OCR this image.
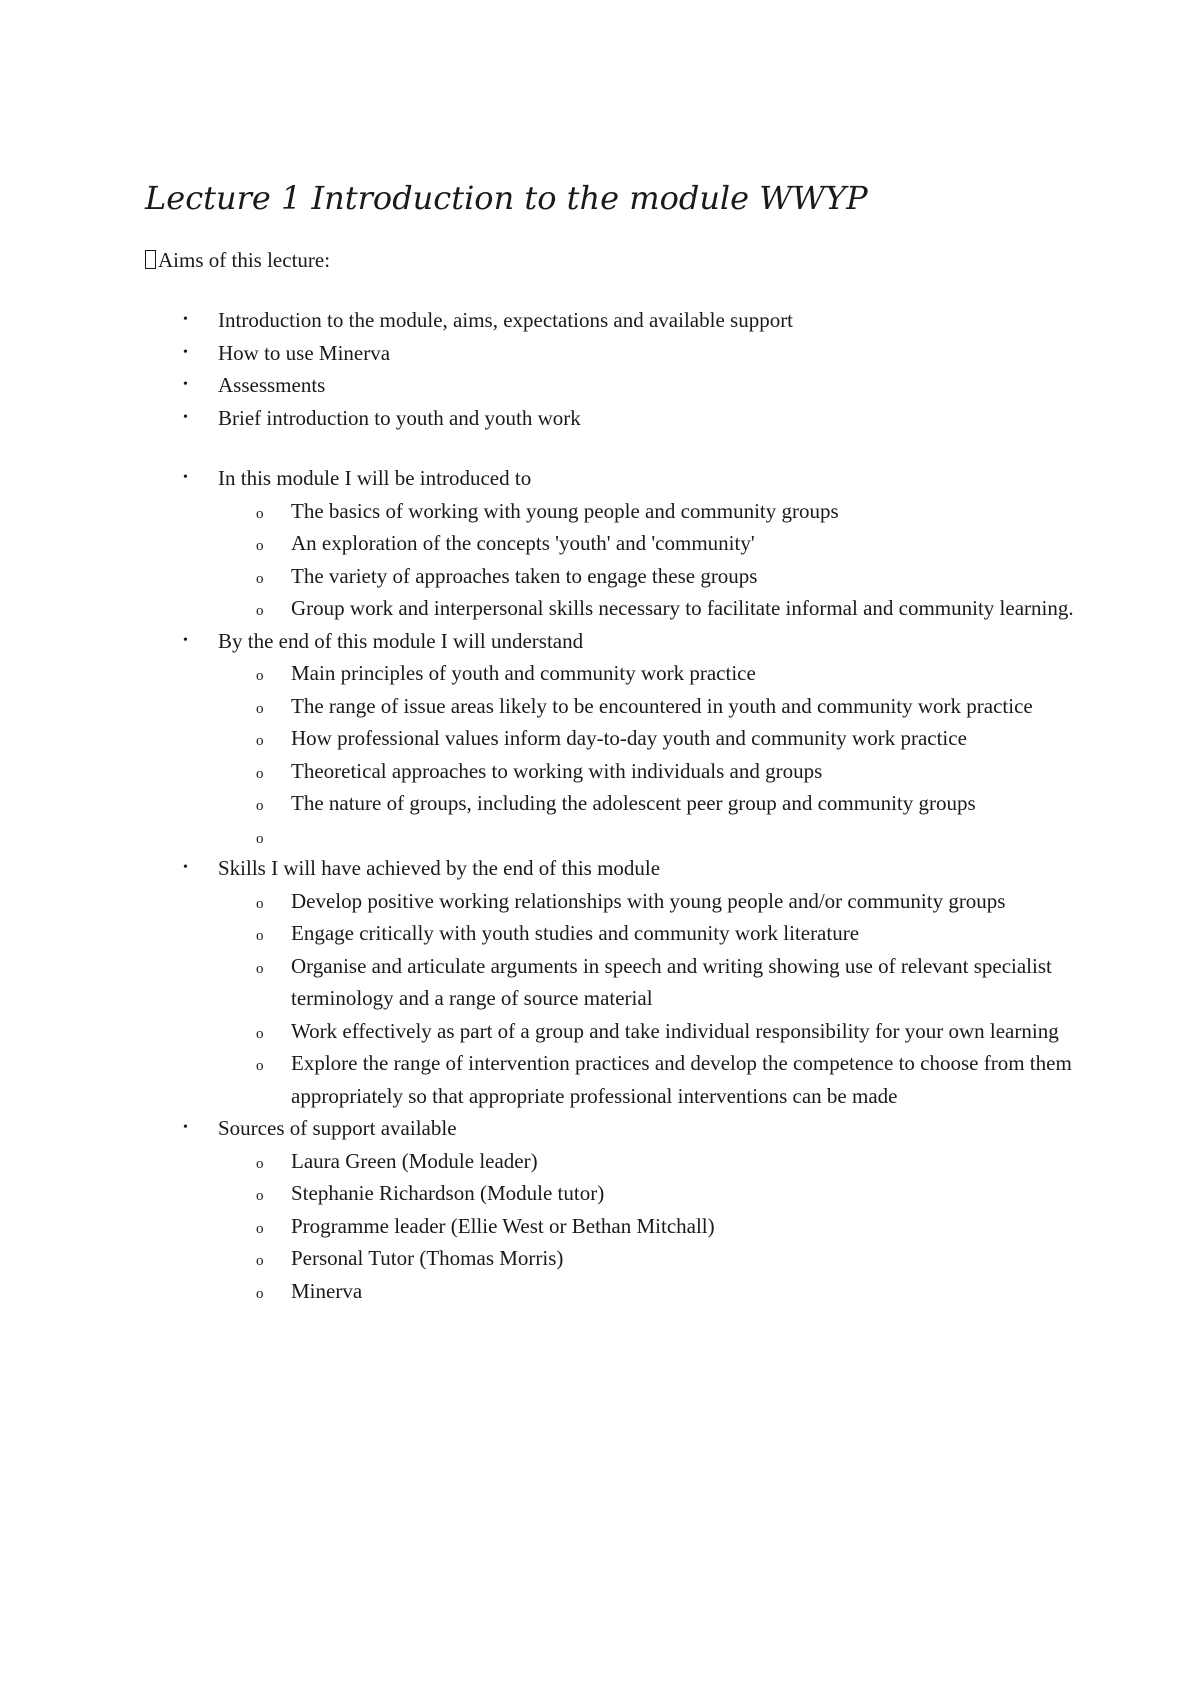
Lecture 1 Introduction to the module WWYP
Aims of this lecture:
• Introduction to the module, aims, expectations and available support
• How to use Minerva
• Assessments
• Brief introduction to youth and youth work
• In this module I will be introduced to
o The basics of working with young people and community groups
o An exploration of the concepts 'youth' and 'community'
o The variety of approaches taken to engage these groups
o Group work and interpersonal skills necessary to facilitate informal and community learning.
• By the end of this module I will understand
o Main principles of youth and community work practice
o The range of issue areas likely to be encountered in youth and community work practice
o How professional values inform day-to-day youth and community work practice
o Theoretical approaches to working with individuals and groups
o The nature of groups, including the adolescent peer group and community groups
o
• Skills I will have achieved by the end of this module
o Develop positive working relationships with young people and/or community groups
o Engage critically with youth studies and community work literature
o Organise and articulate arguments in speech and writing showing use of relevant specialist terminology and a range of source material
o Work effectively as part of a group and take individual responsibility for your own learning
o Explore the range of intervention practices and develop the competence to choose from them appropriately so that appropriate professional interventions can be made
• Sources of support available
o Laura Green (Module leader)
o Stephanie Richardson (Module tutor)
o Programme leader (Ellie West or Bethan Mitchall)
o Personal Tutor (Thomas Morris)
o Minerva
